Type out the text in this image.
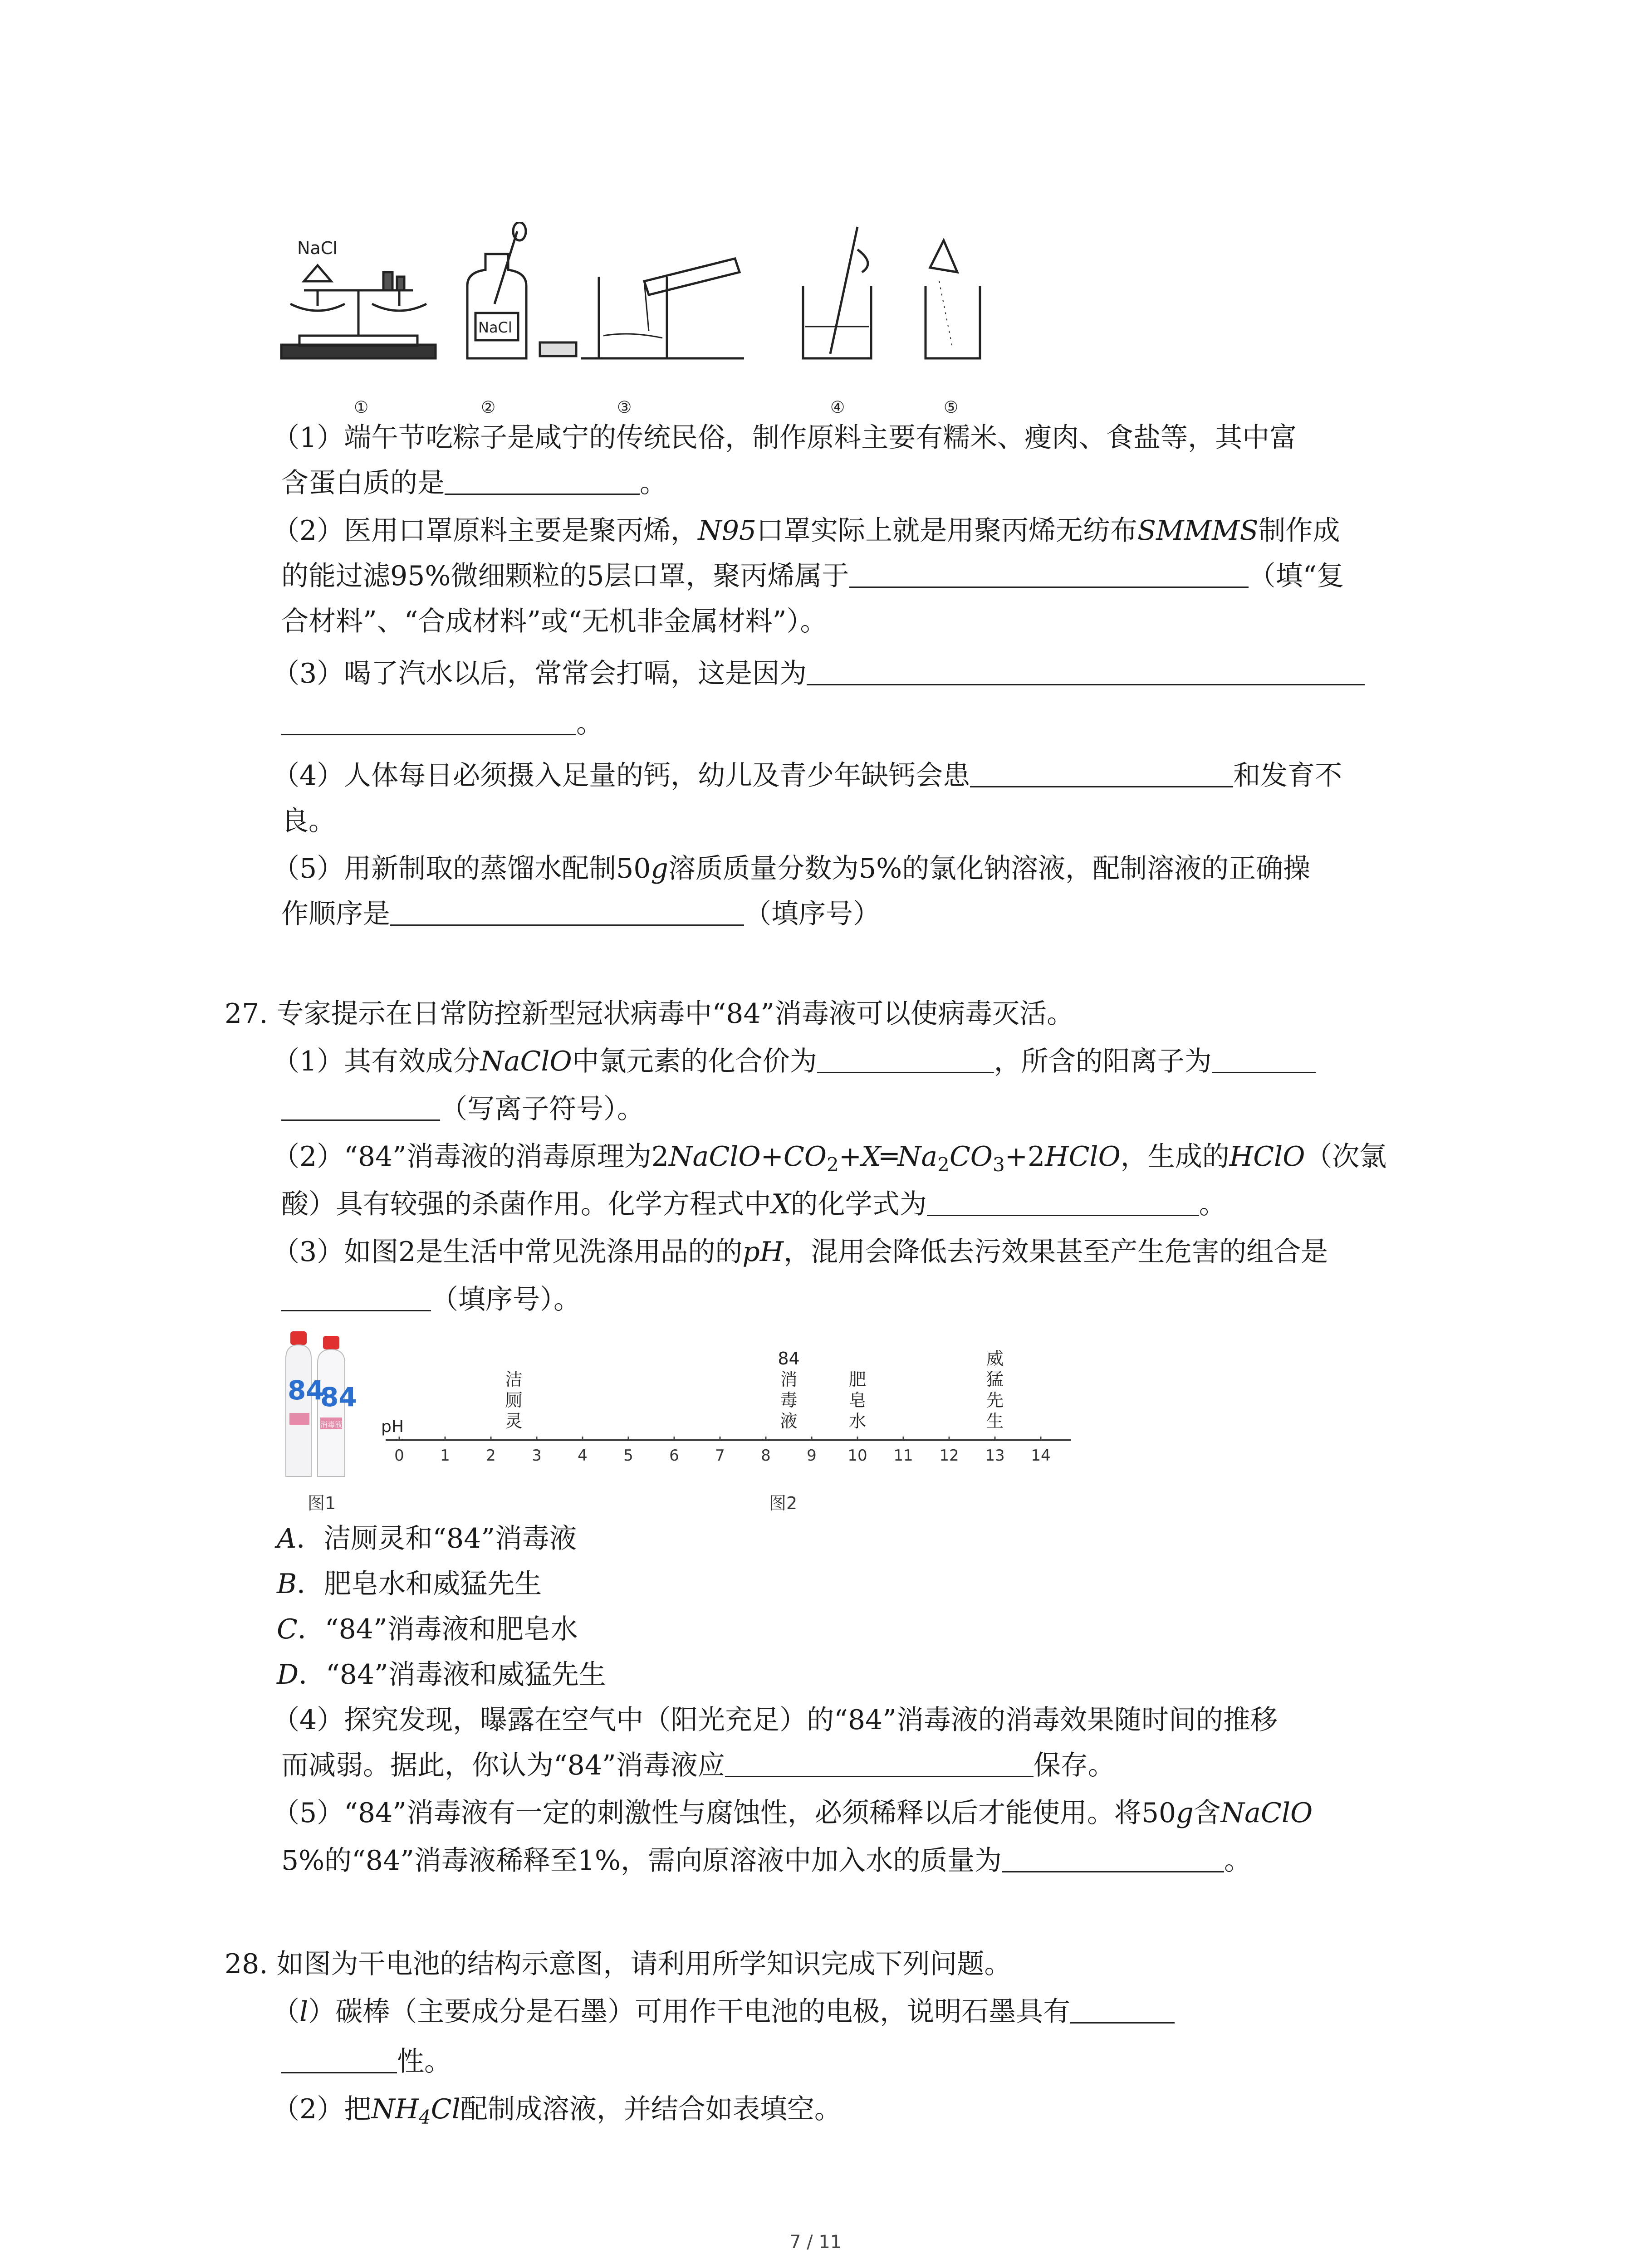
NaCl
NaCl
①	②	③	④	⑤
（1）端午节吃粽子是咸宁的传统民俗，制作原料主要有糯米、瘦肉、食盐等，其中富
含蛋白质的是	。
（2）医用口罩原料主要是聚丙烯，N95口罩实际上就是用聚丙烯无纺布SMMMS制作成
的能过滤95%微细颗粒的5层口罩，聚丙烯属于	（填“复
合材料”、“合成材料”或“无机非金属材料”）。
（3）喝了汽水以后，常常会打嗝，这是因为
。
（4）人体每日必须摄入足量的钙，幼儿及青少年缺钙会患	和发育不
良。
（5）用新制取的蒸馏水配制50g溶质质量分数为5%的氯化钠溶液，配制溶液的正确操
作顺序是	（填序号）
27. 专家提示在日常防控新型冠状病毒中“84”消毒液可以使病毒灭活。
（1）其有效成分NaClO中氯元素的化合价为	，所含的阳离子为
（写离子符号）。
（2）“84”消毒液的消毒原理为$2NaClO+CO_2+X═Na_2CO_3+2HClO$，生成的HClO（次氯
酸）具有较强的杀菌作用。化学方程式中X的化学式为	。
（3）如图2是生活中常见洗涤用品的的pH，混用会降低去污效果甚至产生危害的组合是
（填序号）。
84
84
消毒液
图1
pH
0 1 2 3 4 5 6 7 8 9 10 11 12 13 14
洁
厕
灵
84
消
毒
液
肥
皂
水
威
猛
先
生
图2
A．洁厕灵和“84”消毒液
B．肥皂水和威猛先生
C．“84”消毒液和肥皂水
D．“84”消毒液和威猛先生
（4）探究发现，曝露在空气中（阳光充足）的“84”消毒液的消毒效果随时间的推移
而减弱。据此，你认为“84”消毒液应	保存。
（5）“84”消毒液有一定的刺激性与腐蚀性，必须稀释以后才能使用。将50g含NaClO
5%的“84”消毒液稀释至1%，需向原溶液中加入水的质量为	。
28. 如图为干电池的结构示意图，请利用所学知识完成下列问题。
（l）碳棒（主要成分是石墨）可用作干电池的电极，说明石墨具有
性。
（2）把$NH_4Cl$配制成溶液，并结合如表填空。
7 / 11
